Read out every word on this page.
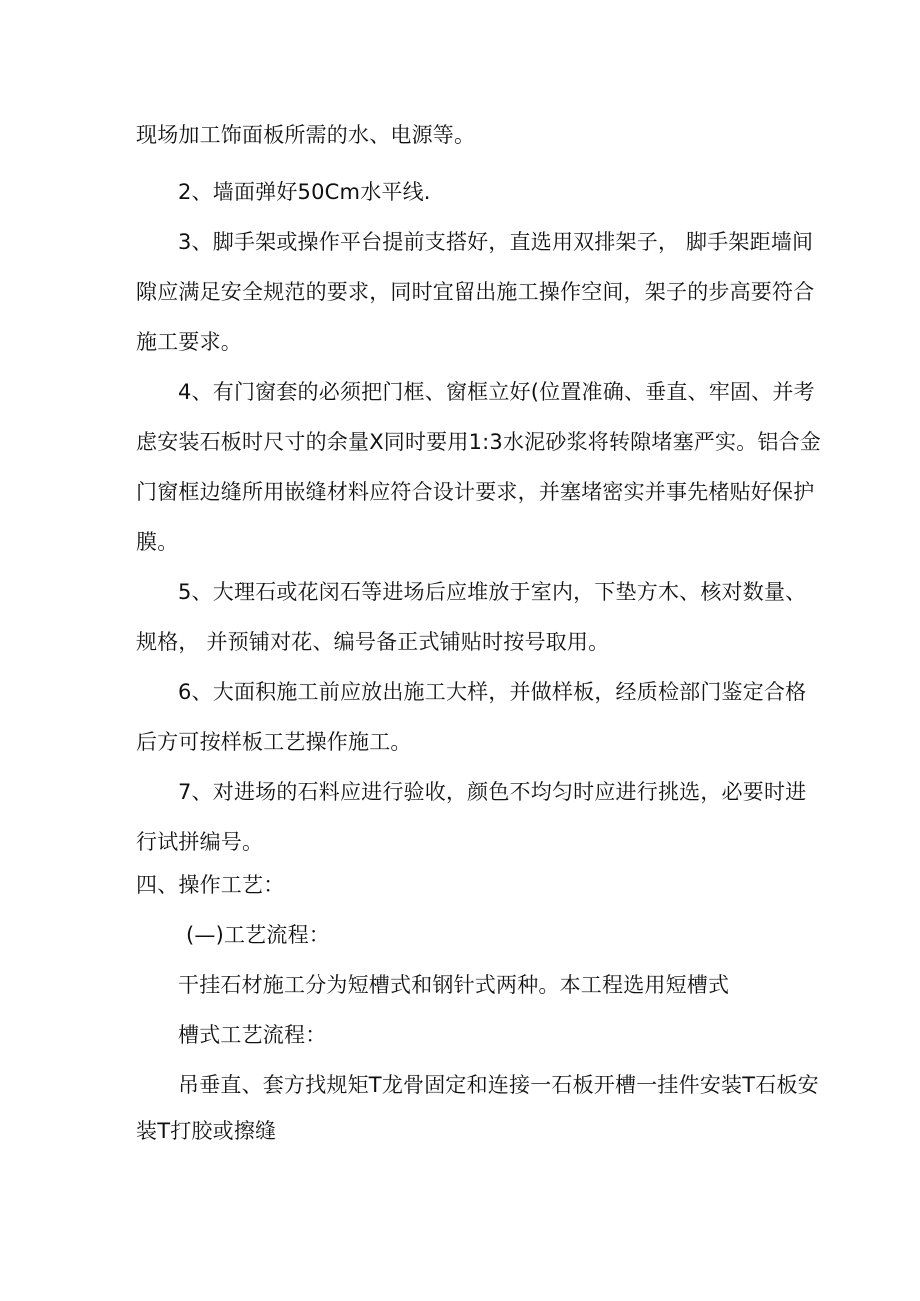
现场加工饰面板所需的水、电源等。
2、墙面弹好50Cm水平线.
3、脚手架或操作平台提前支搭好，直选用双排架子， 脚手架距墙间
隙应满足安全规范的要求，同时宜留出施工操作空间，架子的步高要符合
施工要求。
4、有门窗套的必须把门框、窗框立好(位置准确、垂直、牢固、并考
虑安装石板时尺寸的余量X同时要用1:3水泥砂浆将转隙堵塞严实。铝合金
门窗框边缝所用嵌缝材料应符合设计要求，并塞堵密实并事先楮贴好保护
膜。
5、大理石或花闵石等进场后应堆放于室内，下垫方木、核对数量、
规格， 并预铺对花、编号备正式铺贴时按号取用。
6、大面积施工前应放出施工大样，并做样板，经质检部门鉴定合格
后方可按样板工艺操作施工。
7、对进场的石料应进行验收，颜色不均匀时应进行挑选，必要时进
行试拼编号。
四、操作工艺：
(—)工艺流程：
干挂石材施工分为短槽式和钢针式两种。本工程选用短槽式
槽式工艺流程：
吊垂直、套方找规矩T龙骨固定和连接一石板开槽一挂件安装T石板安
装T打胶或擦缝
